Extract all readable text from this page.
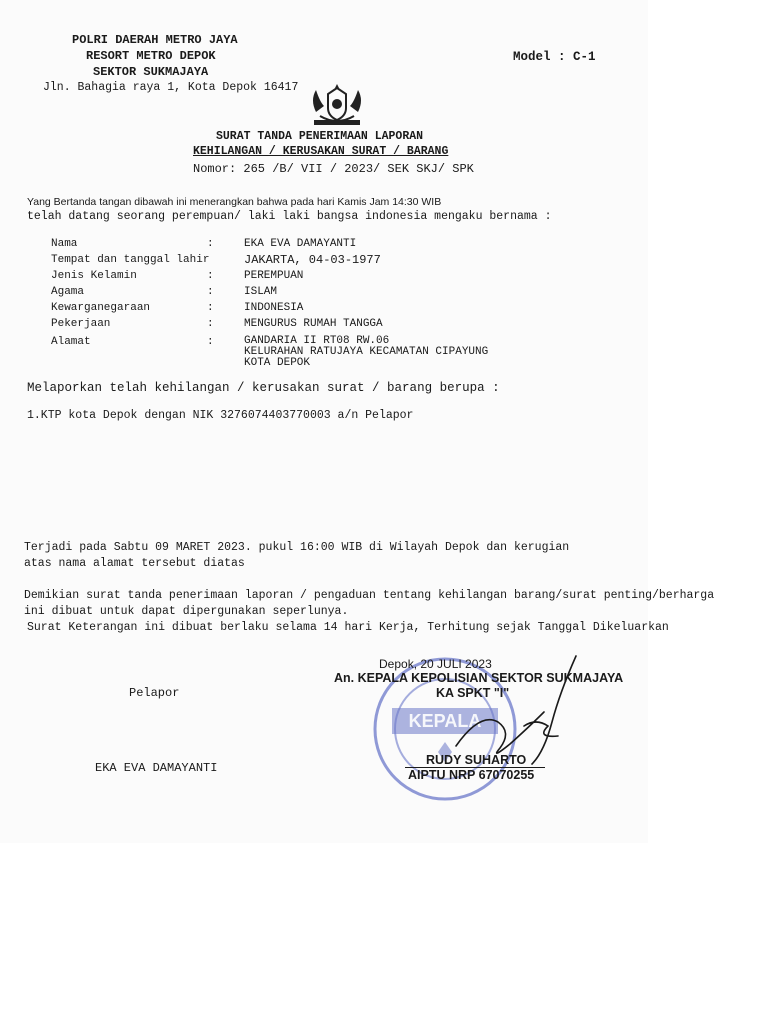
POLRI DAERAH METRO JAYA
RESORT METRO DEPOK
SEKTOR SUKMAJAYA
Jln. Bahagia raya 1, Kota Depok 16417
Model : C-1
SURAT TANDA PENERIMAAN LAPORAN
KEHILANGAN / KERUSAKAN SURAT / BARANG
Nomor: 265 /B/ VII / 2023/ SEK SKJ/ SPK
Yang Bertanda tangan dibawah ini menerangkan bahwa pada hari Kamis Jam 14:30 WIB
telah datang seorang perempuan/ laki laki bangsa indonesia mengaku bernama :
Nama	:	EKA EVA DAMAYANTI
Tempat dan tanggal lahir	JAKARTA, 04-03-1977
Jenis Kelamin	:	PEREMPUAN
Agama	:	ISLAM
Kewarganegaraan	:	INDONESIA
Pekerjaan	:	MENGURUS RUMAH TANGGA
Alamat	:	GANDARIA II RT08 RW.06
KELURAHAN RATUJAYA KECAMATAN CIPAYUNG
KOTA DEPOK
Melaporkan telah kehilangan / kerusakan surat / barang berupa :
1.KTP kota Depok dengan NIK 3276074403770003 a/n Pelapor
Terjadi pada Sabtu 09 MARET 2023. pukul 16:00 WIB di Wilayah Depok dan kerugian
atas nama alamat tersebut diatas
Demikian surat tanda penerimaan laporan / pengaduan tentang kehilangan barang/surat penting/berharga
ini dibuat untuk dapat dipergunakan seperlunya.
Surat Keterangan ini dibuat berlaku selama 14 hari Kerja, Terhitung sejak Tanggal Dikeluarkan
KEPALA
Depok, 20 JULI 2023
An. KEPALA KEPOLISIAN SEKTOR SUKMAJAYA
KA SPKT "I"
RUDY SUHARTO
AIPTU NRP 67070255
Pelapor
EKA EVA DAMAYANTI
